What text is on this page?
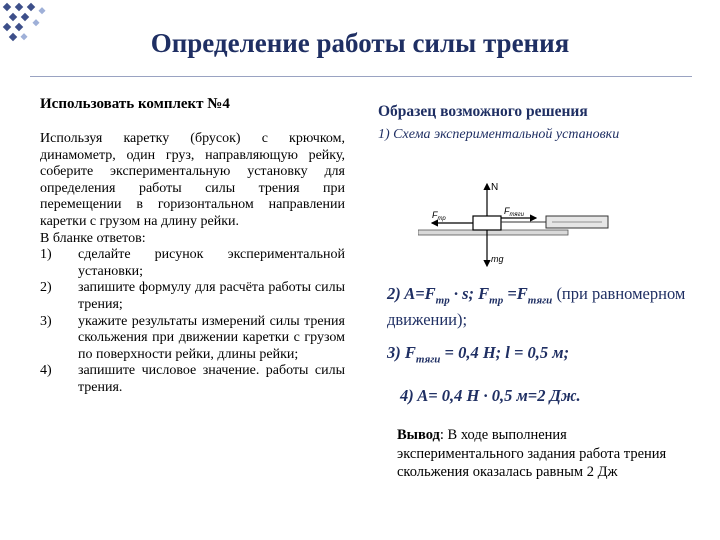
Определение работы силы трения
Использовать комплект №4
Используя каретку (брусок) с крючком, динамометр, один груз, направляющую рейку, соберите экспериментальную установку для определения работы силы трения при перемещении в горизонтальном направлении каретки с грузом на длину рейки.
В бланке ответов:
1) сделайте рисунок экспериментальной установки;
2) запишите формулу для расчёта работы силы трения;
3) укажите результаты измерений силы трения скольжения при движении каретки с грузом по поверхности рейки, длины рейки;
4) запишите числовое значение. работы силы трения.
Образец возможного решения
1) Схема экспериментальной установки
N
$F_{тр}$
$F_{тяги}$
mg
2) $A=F_{тр} \cdot s$; $F_{тр} =F_{тяги}$ (при равномерном движении);
3) $F_{тяги} = 0,4$ Н; l = 0,5 м;
4) A= 0,4 Н · 0,5 м=2 Дж.
Вывод: В ходе выполнения экспериментального задания работа трения скольжения оказалась равным 2 Дж
